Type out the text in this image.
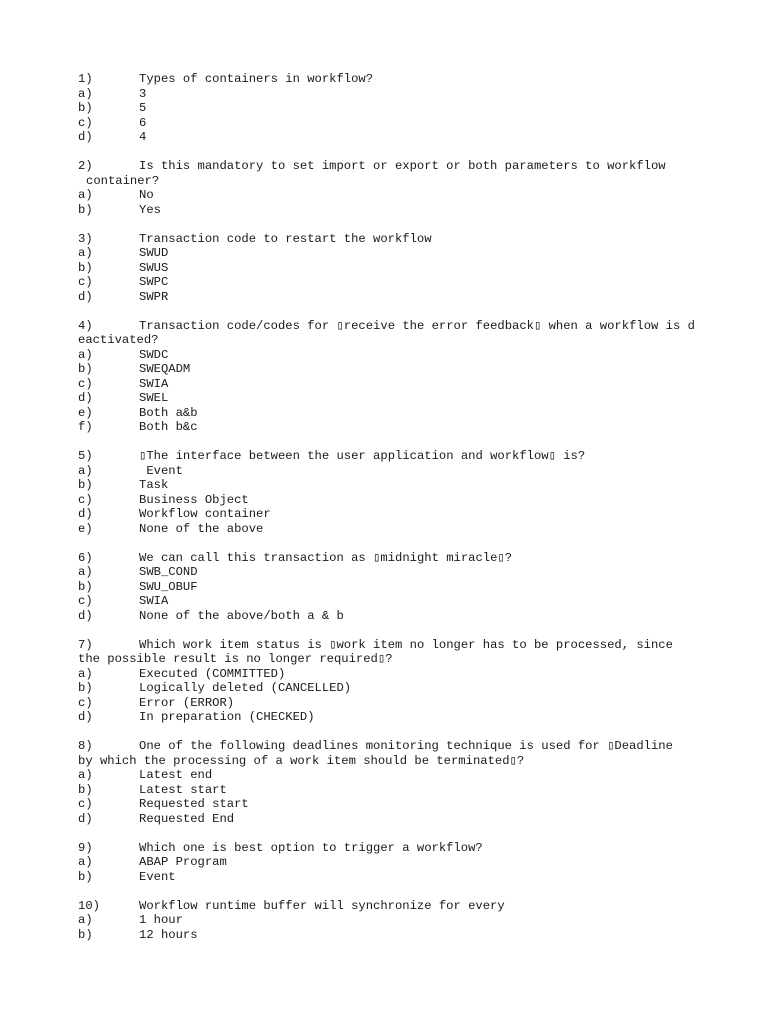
1)	Types of containers in workflow?
a)	3
b)	5
c)	6
d)	4
2)	Is this mandatory to set import or export or both parameters to workflow
container?
a)	No
b)	Yes
3)	Transaction code to restart the workflow
a)	SWUD
b)	SWUS
c)	SWPC
d)	SWPR
4)	Transaction code/codes for ▯receive the error feedback▯ when a workflow is d
eactivated?
a)	SWDC
b)	SWEQADM
c)	SWIA
d)	SWEL
e)	Both a&b
f)	Both b&c
5)	▯The interface between the user application and workflow▯ is?
a)	Event
b)	Task
c)	Business Object
d)	Workflow container
e)	None of the above
6)	We can call this transaction as ▯midnight miracle▯?
a)	SWB_COND
b)	SWU_OBUF
c)	SWIA
d)	None of the above/both a & b
7)	Which work item status is ▯work item no longer has to be processed, since
the possible result is no longer required▯?
a)	Executed (COMMITTED)
b)	Logically deleted (CANCELLED)
c)	Error (ERROR)
d)	In preparation (CHECKED)
8)	One of the following deadlines monitoring technique is used for ▯Deadline
by which the processing of a work item should be terminated▯?
a)	Latest end
b)	Latest start
c)	Requested start
d)	Requested End
9)	Which one is best option to trigger a workflow?
a)	ABAP Program
b)	Event
10)	Workflow runtime buffer will synchronize for every
a)	1 hour
b)	12 hours
